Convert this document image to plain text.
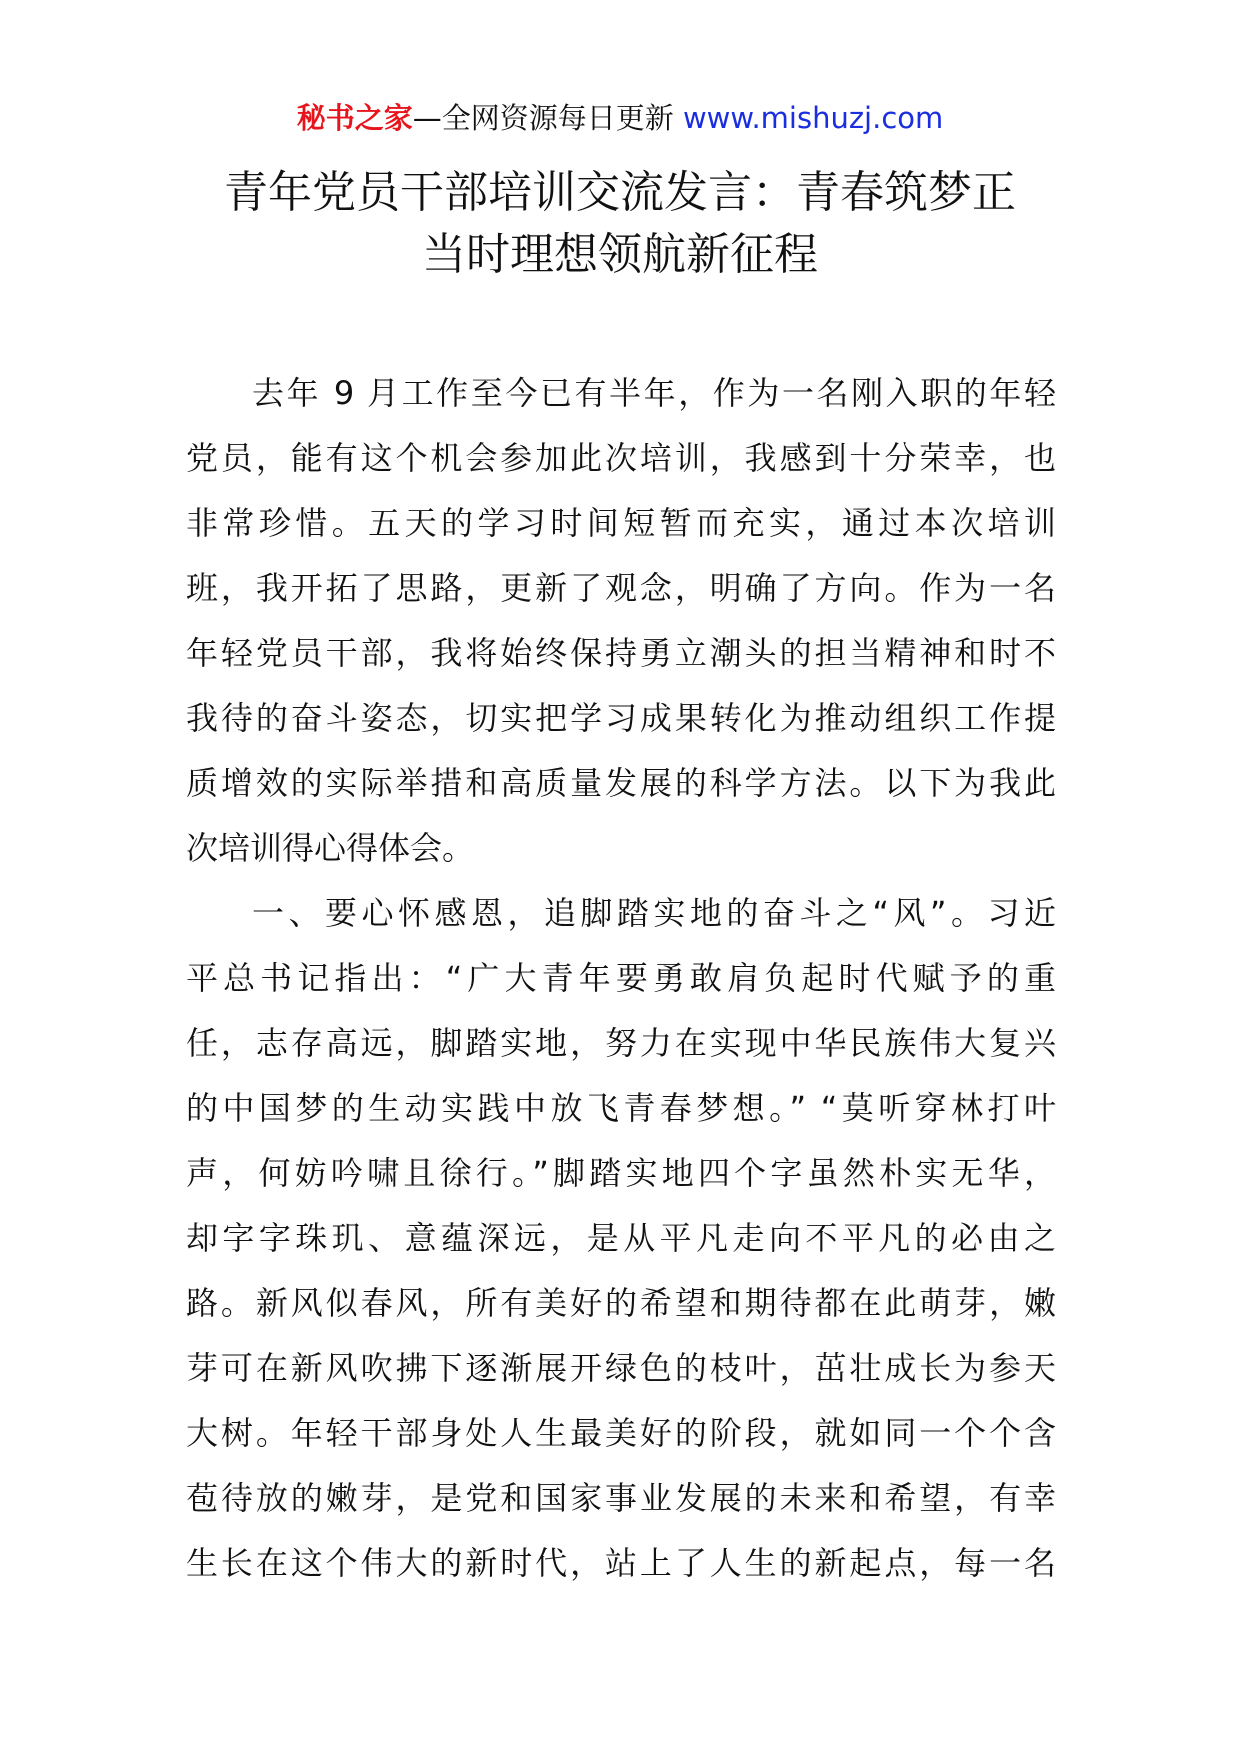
秘书之家—全网资源每日更新 www.mishuzj.com
青年党员干部培训交流发言：青春筑梦正
当时理想领航新征程
去年 9 月工作至今已有半年，作为一名刚入职的年轻
党员，能有这个机会参加此次培训，我感到十分荣幸，也
非常珍惜。五天的学习时间短暂而充实，通过本次培训
班，我开拓了思路，更新了观念，明确了方向。作为一名
年轻党员干部，我将始终保持勇立潮头的担当精神和时不
我待的奋斗姿态，切实把学习成果转化为推动组织工作提
质增效的实际举措和高质量发展的科学方法。以下为我此
次培训得心得体会。
一、要心怀感恩，追脚踏实地的奋斗之“风”。习近
平总书记指出：“广大青年要勇敢肩负起时代赋予的重
任，志存高远，脚踏实地，努力在实现中华民族伟大复兴
的中国梦的生动实践中放飞青春梦想。” “莫听穿林打叶
声，何妨吟啸且徐行。”脚踏实地四个字虽然朴实无华，
却字字珠玑、意蕴深远，是从平凡走向不平凡的必由之
路。新风似春风，所有美好的希望和期待都在此萌芽，嫩
芽可在新风吹拂下逐渐展开绿色的枝叶，茁壮成长为参天
大树。年轻干部身处人生最美好的阶段，就如同一个个含
苞待放的嫩芽，是党和国家事业发展的未来和希望，有幸
生长在这个伟大的新时代，站上了人生的新起点，每一名
